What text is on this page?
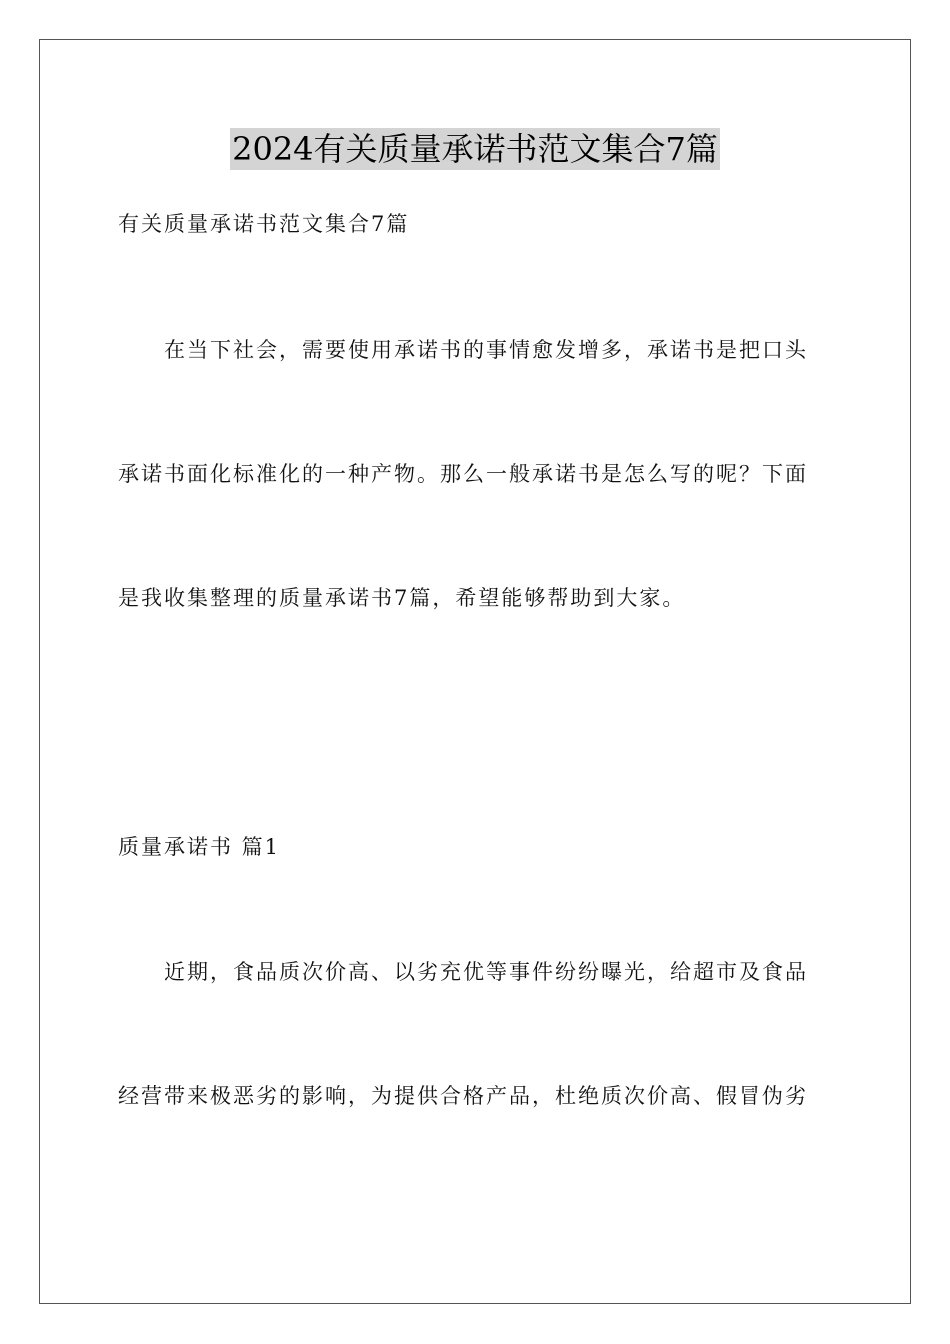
2024有关质量承诺书范文集合7篇
有关质量承诺书范文集合7篇
在当下社会，需要使用承诺书的事情愈发增多，承诺书是把口头
承诺书面化标准化的一种产物。那么一般承诺书是怎么写的呢？下面
是我收集整理的质量承诺书7篇，希望能够帮助到大家。
质量承诺书 篇1
近期，食品质次价高、以劣充优等事件纷纷曝光，给超市及食品
经营带来极恶劣的影响，为提供合格产品，杜绝质次价高、假冒伪劣
